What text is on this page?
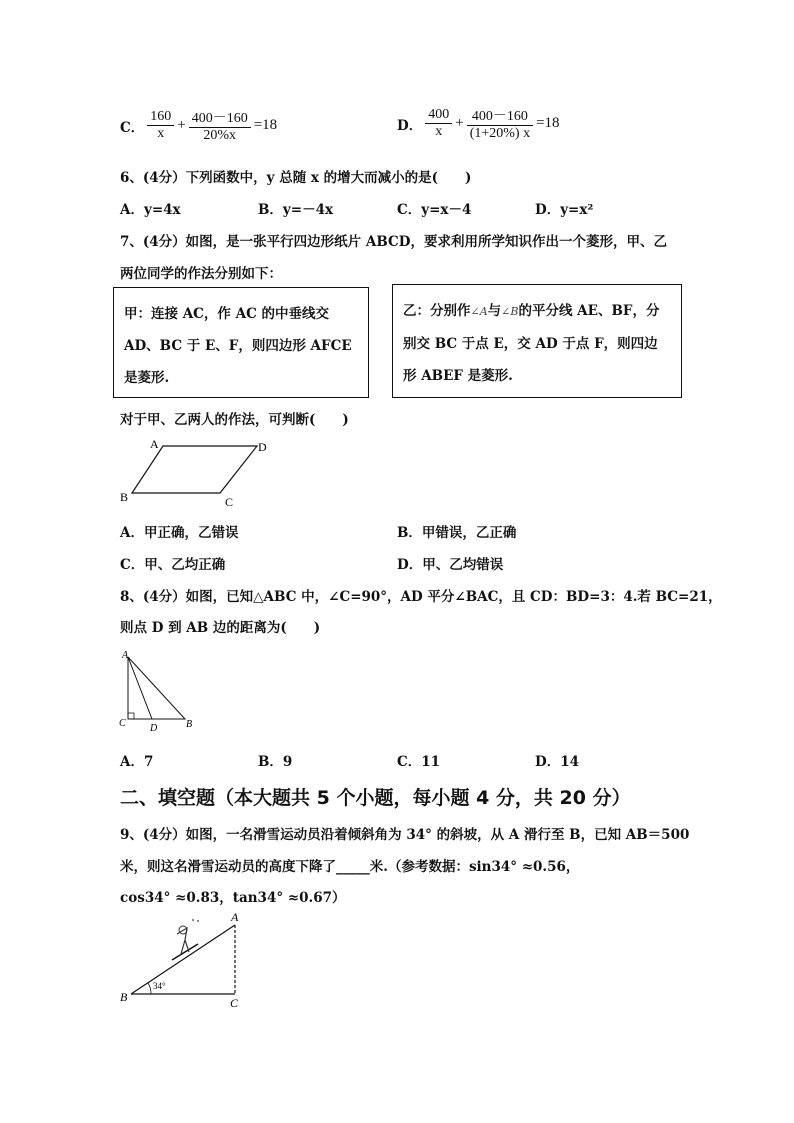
C． $\frac{160}{x} + \frac{400-160}{20\%x} =18$	D． $\frac{400}{x} + \frac{400-160}{(1+20\%) x} =18$
6、(4分）下列函数中，y 总随 x 的增大而减小的是(　　)
A．y=4x	B．y=－4x	C．y=x－4	D．y=x²
7、(4分）如图，是一张平行四边形纸片 ABCD，要求利用所学知识作出一个菱形，甲、乙
两位同学的作法分别如下：
甲：连接 AC，作 AC 的中垂线交 AD、BC 于 E、F，则四边形 AFCE 是菱形.
乙：分别作∠A与∠B的平分线 AE、BF，分别交 BC 于点 E，交 AD 于点 F，则四边形 ABEF 是菱形.
对于甲、乙两人的作法，可判断(　　)
A	D
B	C
A．甲正确，乙错误	B．甲错误，乙正确
C．甲、乙均正确	D．甲、乙均错误
8、(4分）如图，已知△ABC 中，∠C=90°，AD 平分∠BAC，且 CD：BD=3：4.若 BC=21，
则点 D 到 AB 边的距离为(　　)
A
C D	B
A．7	B．9	C．11	D．14
二、填空题（本大题共 5 个小题，每小题 4 分，共 20 分）
9、(4分）如图，一名滑雪运动员沿着倾斜角为 34° 的斜坡，从 A 滑行至 B，已知 AB＝500
米，则这名滑雪运动员的高度下降了_____米.（参考数据：sin34° ≈0.56，
cos34° ≈0.83，tan34° ≈0.67）
A
B	C
34°
